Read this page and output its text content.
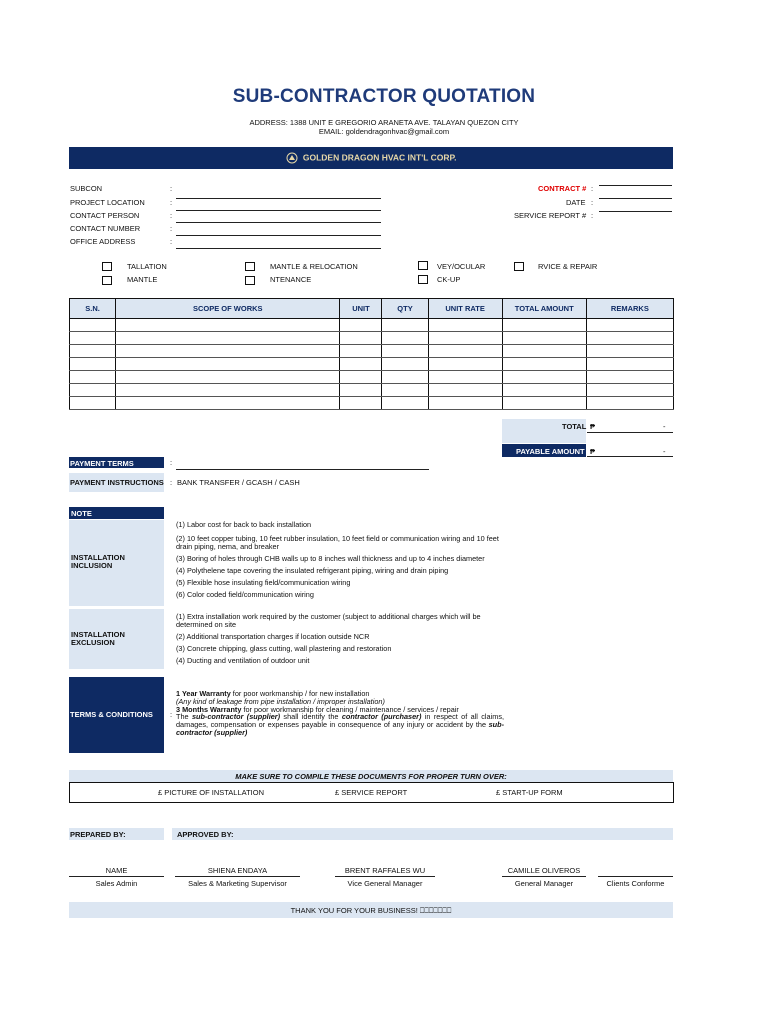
SUB-CONTRACTOR QUOTATION
ADDRESS: 1388 UNIT E GREGORIO ARANETA AVE. TALAYAN QUEZON CITY
EMAIL: goldendragonhvac@gmail.com
GOLDEN DRAGON HVAC INT'L CORP.
SUBCON	:
PROJECT LOCATION	:
CONTACT PERSON	:
CONTACT NUMBER	:
OFFICE ADDRESS	:
CONTRACT # :
DATE :
SERVICE REPORT # :
TALLATION
MANTLE
MANTLE & RELOCATION
NTENANCE
VEY/OCULAR
CK-UP
RVICE & REPAIR
S.N.	SCOPE OF WORKS	UNIT	QTY	UNIT RATE	TOTAL AMOUNT	REMARKS

TOTAL ₱	-
PAYABLE AMOUNT ₱	-
PAYMENT TERMS	:
PAYMENT INSTRUCTIONS : BANK TRANSFER / GCASH / CASH
NOTE
INSTALLATION INCLUSION
(1) Labor cost for back to back installation
(2) 10 feet copper tubing, 10 feet rubber insulation, 10 feet field or communication wiring and 10 feet drain piping, nema, and breaker
(3) Boring of holes through CHB walls up to 8 inches wall thickness and up to 4 inches diameter
(4) Polythelene tape covering the insulated refrigerant piping, wiring and drain piping
(5) Flexible hose insulating field/communication wiring
(6) Color coded field/communication wiring
INSTALLATION EXCLUSION
(1) Extra installation work required by the customer (subject to additional charges which will be determined on site
(2) Additional transportation charges if location outside NCR
(3) Concrete chipping, glass cutting, wall plastering and restoration
(4) Ducting and ventilation of outdoor unit
TERMS & CONDITIONS :
1 Year Warranty for poor workmanship / for new installation
(Any kind of leakage from pipe installation / improper installation)
3 Months Warranty for poor workmanship for cleaning / maintenance / services / repair
The sub-contractor (supplier) shall identify the contractor (purchaser) in respect of all claims, damages, compensation or expenses payable in consequence of any injury or accident by the sub-contractor (supplier)
MAKE SURE TO COMPILE THESE DOCUMENTS FOR PROPER TURN OVER:
£ PICTURE OF INSTALLATION	£ SERVICE REPORT	£ START-UP FORM
PREPARED BY:	APPROVED BY:
NAME
Sales Admin
SHIENA ENDAYA
Sales & Marketing Supervisor
BRENT RAFFALES WU
Vice General Manager
CAMILLE OLIVEROS
General Manager	Clients Conforme
THANK YOU FOR YOUR BUSINESS! ⎕⎕⎕⎕⎕⎕⎕
